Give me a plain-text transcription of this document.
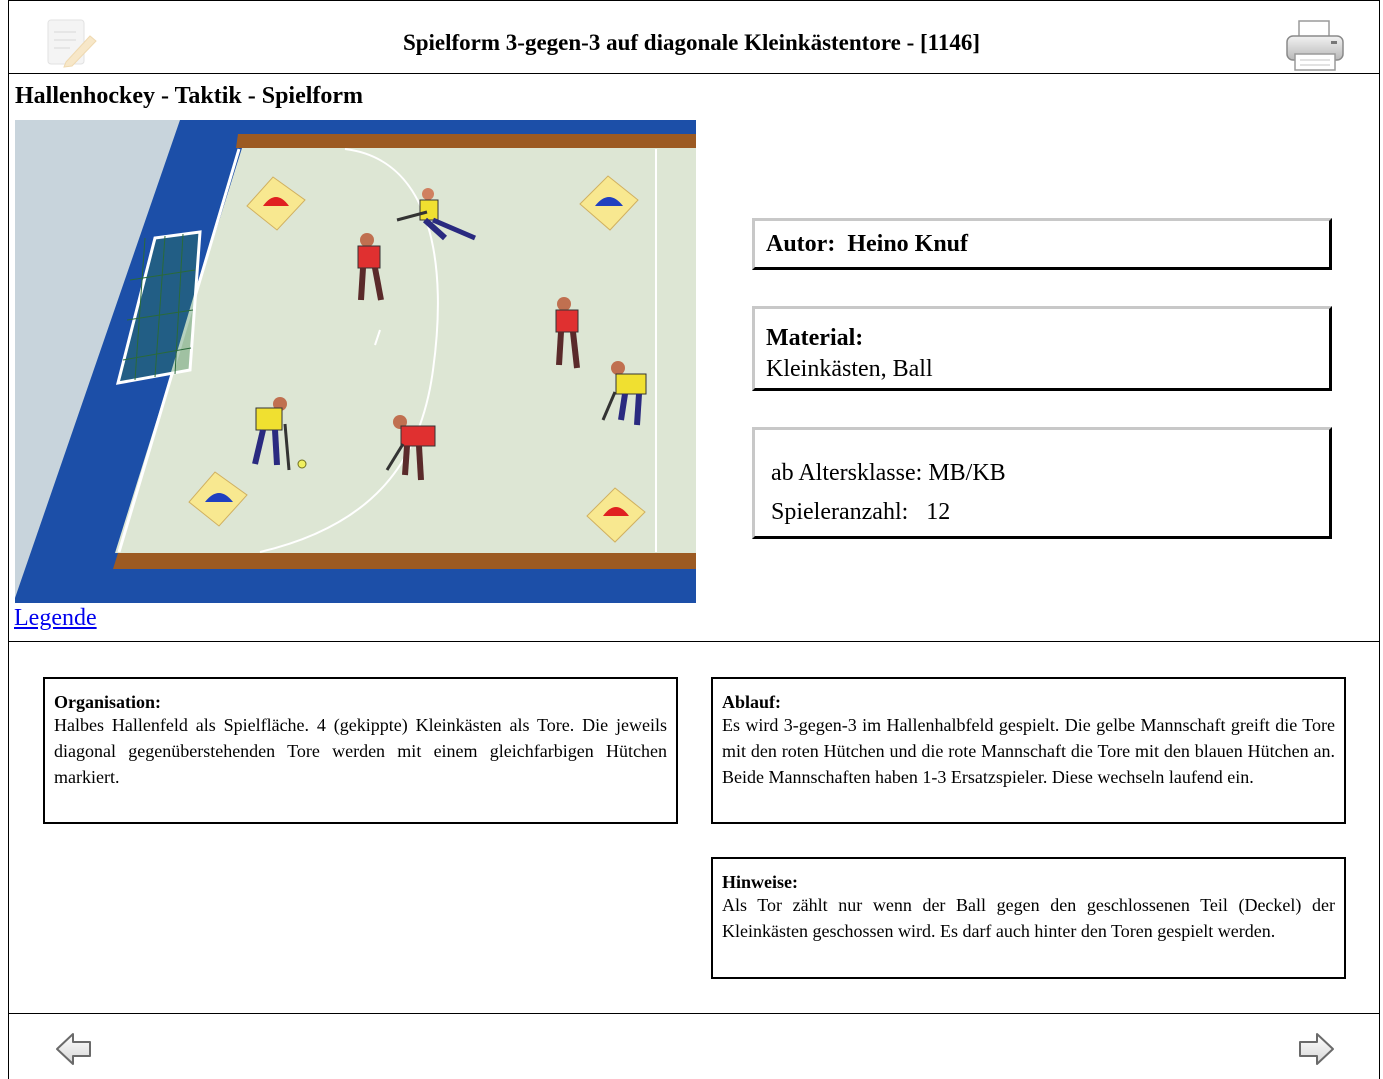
Spielform 3-gegen-3 auf diagonale Kleinkästentore - [1146]
Hallenhockey - Taktik - Spielform
Legende
Autor: Heino Knuf
Material:
Kleinkästen, Ball
ab Altersklasse: MB/KB
Spieleranzahl: 12
Organisation:
Halbes Hallenfeld als Spielfläche. 4 (gekippte) Kleinkästen als Tore. Die jeweils diagonal gegenüberstehenden Tore werden mit einem gleichfarbigen Hütchen markiert.
Ablauf:
Es wird 3-gegen-3 im Hallenhalbfeld gespielt. Die gelbe Mannschaft greift die Tore mit den roten Hütchen und die rote Mannschaft die Tore mit den blauen Hütchen an. Beide Mannschaften haben 1-3 Ersatzspieler. Diese wechseln laufend ein.
Hinweise:
Als Tor zählt nur wenn der Ball gegen den geschlossenen Teil (Deckel) der Kleinkästen geschossen wird. Es darf auch hinter den Toren gespielt werden.
